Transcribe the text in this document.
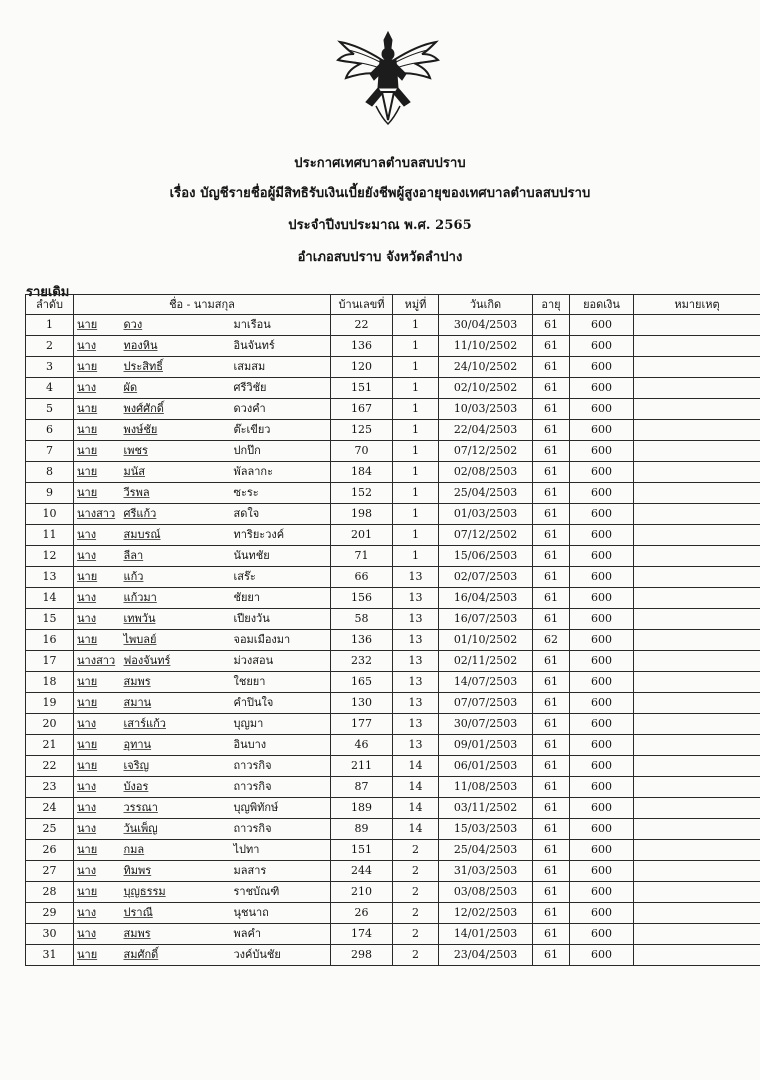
ประกาศเทศบาลตำบลสบปราบ
เรื่อง บัญชีรายชื่อผู้มีสิทธิรับเงินเบี้ยยังชีพผู้สูงอายุของเทศบาลตำบลสบปราบ
ประจำปีงบประมาณ พ.ศ. 2565
อำเภอสบปราบ จังหวัดลำปาง
รายเดิม
ลำดับ	ชื่อ - นามสกุล			บ้านเลขที่	หมู่ที่	วันเกิด	อายุ	ยอดเงิน	หมายเหตุ
1	นาย	ดวง	มาเรือน	22	1	30/04/2503	61	600	
2	นาง	ทองหิน	อินจันทร์	136	1	11/10/2502	61	600	
3	นาย	ประสิทธิ์	เสมสม	120	1	24/10/2502	61	600	
4	นาง	ผัด	ศรีวิชัย	151	1	02/10/2502	61	600	
5	นาย	พงศ์ศักดิ์	ดวงคำ	167	1	10/03/2503	61	600	
6	นาย	พงษ์ชัย	ต๊ะเขียว	125	1	22/04/2503	61	600	
7	นาย	เพชร	ปกป๊ก	70	1	07/12/2502	61	600	
8	นาย	มนัส	พัลลากะ	184	1	02/08/2503	61	600	
9	นาย	วีรพล	ซะระ	152	1	25/04/2503	61	600	
10	นางสาว	ศรีแก้ว	สดใจ	198	1	01/03/2503	61	600	
11	นาง	สมบรณ์	ทาริยะวงค์	201	1	07/12/2502	61	600	
12	นาง	ลีลา	นันทชัย	71	1	15/06/2503	61	600	
13	นาย	แก้ว	เสร๊ะ	66	13	02/07/2503	61	600	
14	นาง	แก้วมา	ชัยยา	156	13	16/04/2503	61	600	
15	นาง	เทพวัน	เปียงวัน	58	13	16/07/2503	61	600	
16	นาย	ไพบลย์	จอมเมืองมา	136	13	01/10/2502	62	600	
17	นางสาว	ฟองจันทร์	ม่วงสอน	232	13	02/11/2502	61	600	
18	นาย	สมพร	ใชยยา	165	13	14/07/2503	61	600	
19	นาย	สมาน	คำปินใจ	130	13	07/07/2503	61	600	
20	นาง	เสาร์แก้ว	บุญมา	177	13	30/07/2503	61	600	
21	นาย	อุทาน	อินบาง	46	13	09/01/2503	61	600	
22	นาย	เจริญ	ถาวรกิจ	211	14	06/01/2503	61	600	
23	นาง	บังอร	ถาวรกิจ	87	14	11/08/2503	61	600	
24	นาง	วรรณา	บุญพิทักษ์	189	14	03/11/2502	61	600	
25	นาง	วันเพ็ญ	ถาวรกิจ	89	14	15/03/2503	61	600	
26	นาย	กมล	ไปทา	151	2	25/04/2503	61	600	
27	นาง	ทิมพร	มลสาร	244	2	31/03/2503	61	600	
28	นาย	บุญธรรม	ราชบัณฑิ	210	2	03/08/2503	61	600	
29	นาง	ปราณี	นุชนาถ	26	2	12/02/2503	61	600	
30	นาง	สมพร	พลคำ	174	2	14/01/2503	61	600	
31	นาย	สมศักดิ์	วงค์บันชัย	298	2	23/04/2503	61	600	
